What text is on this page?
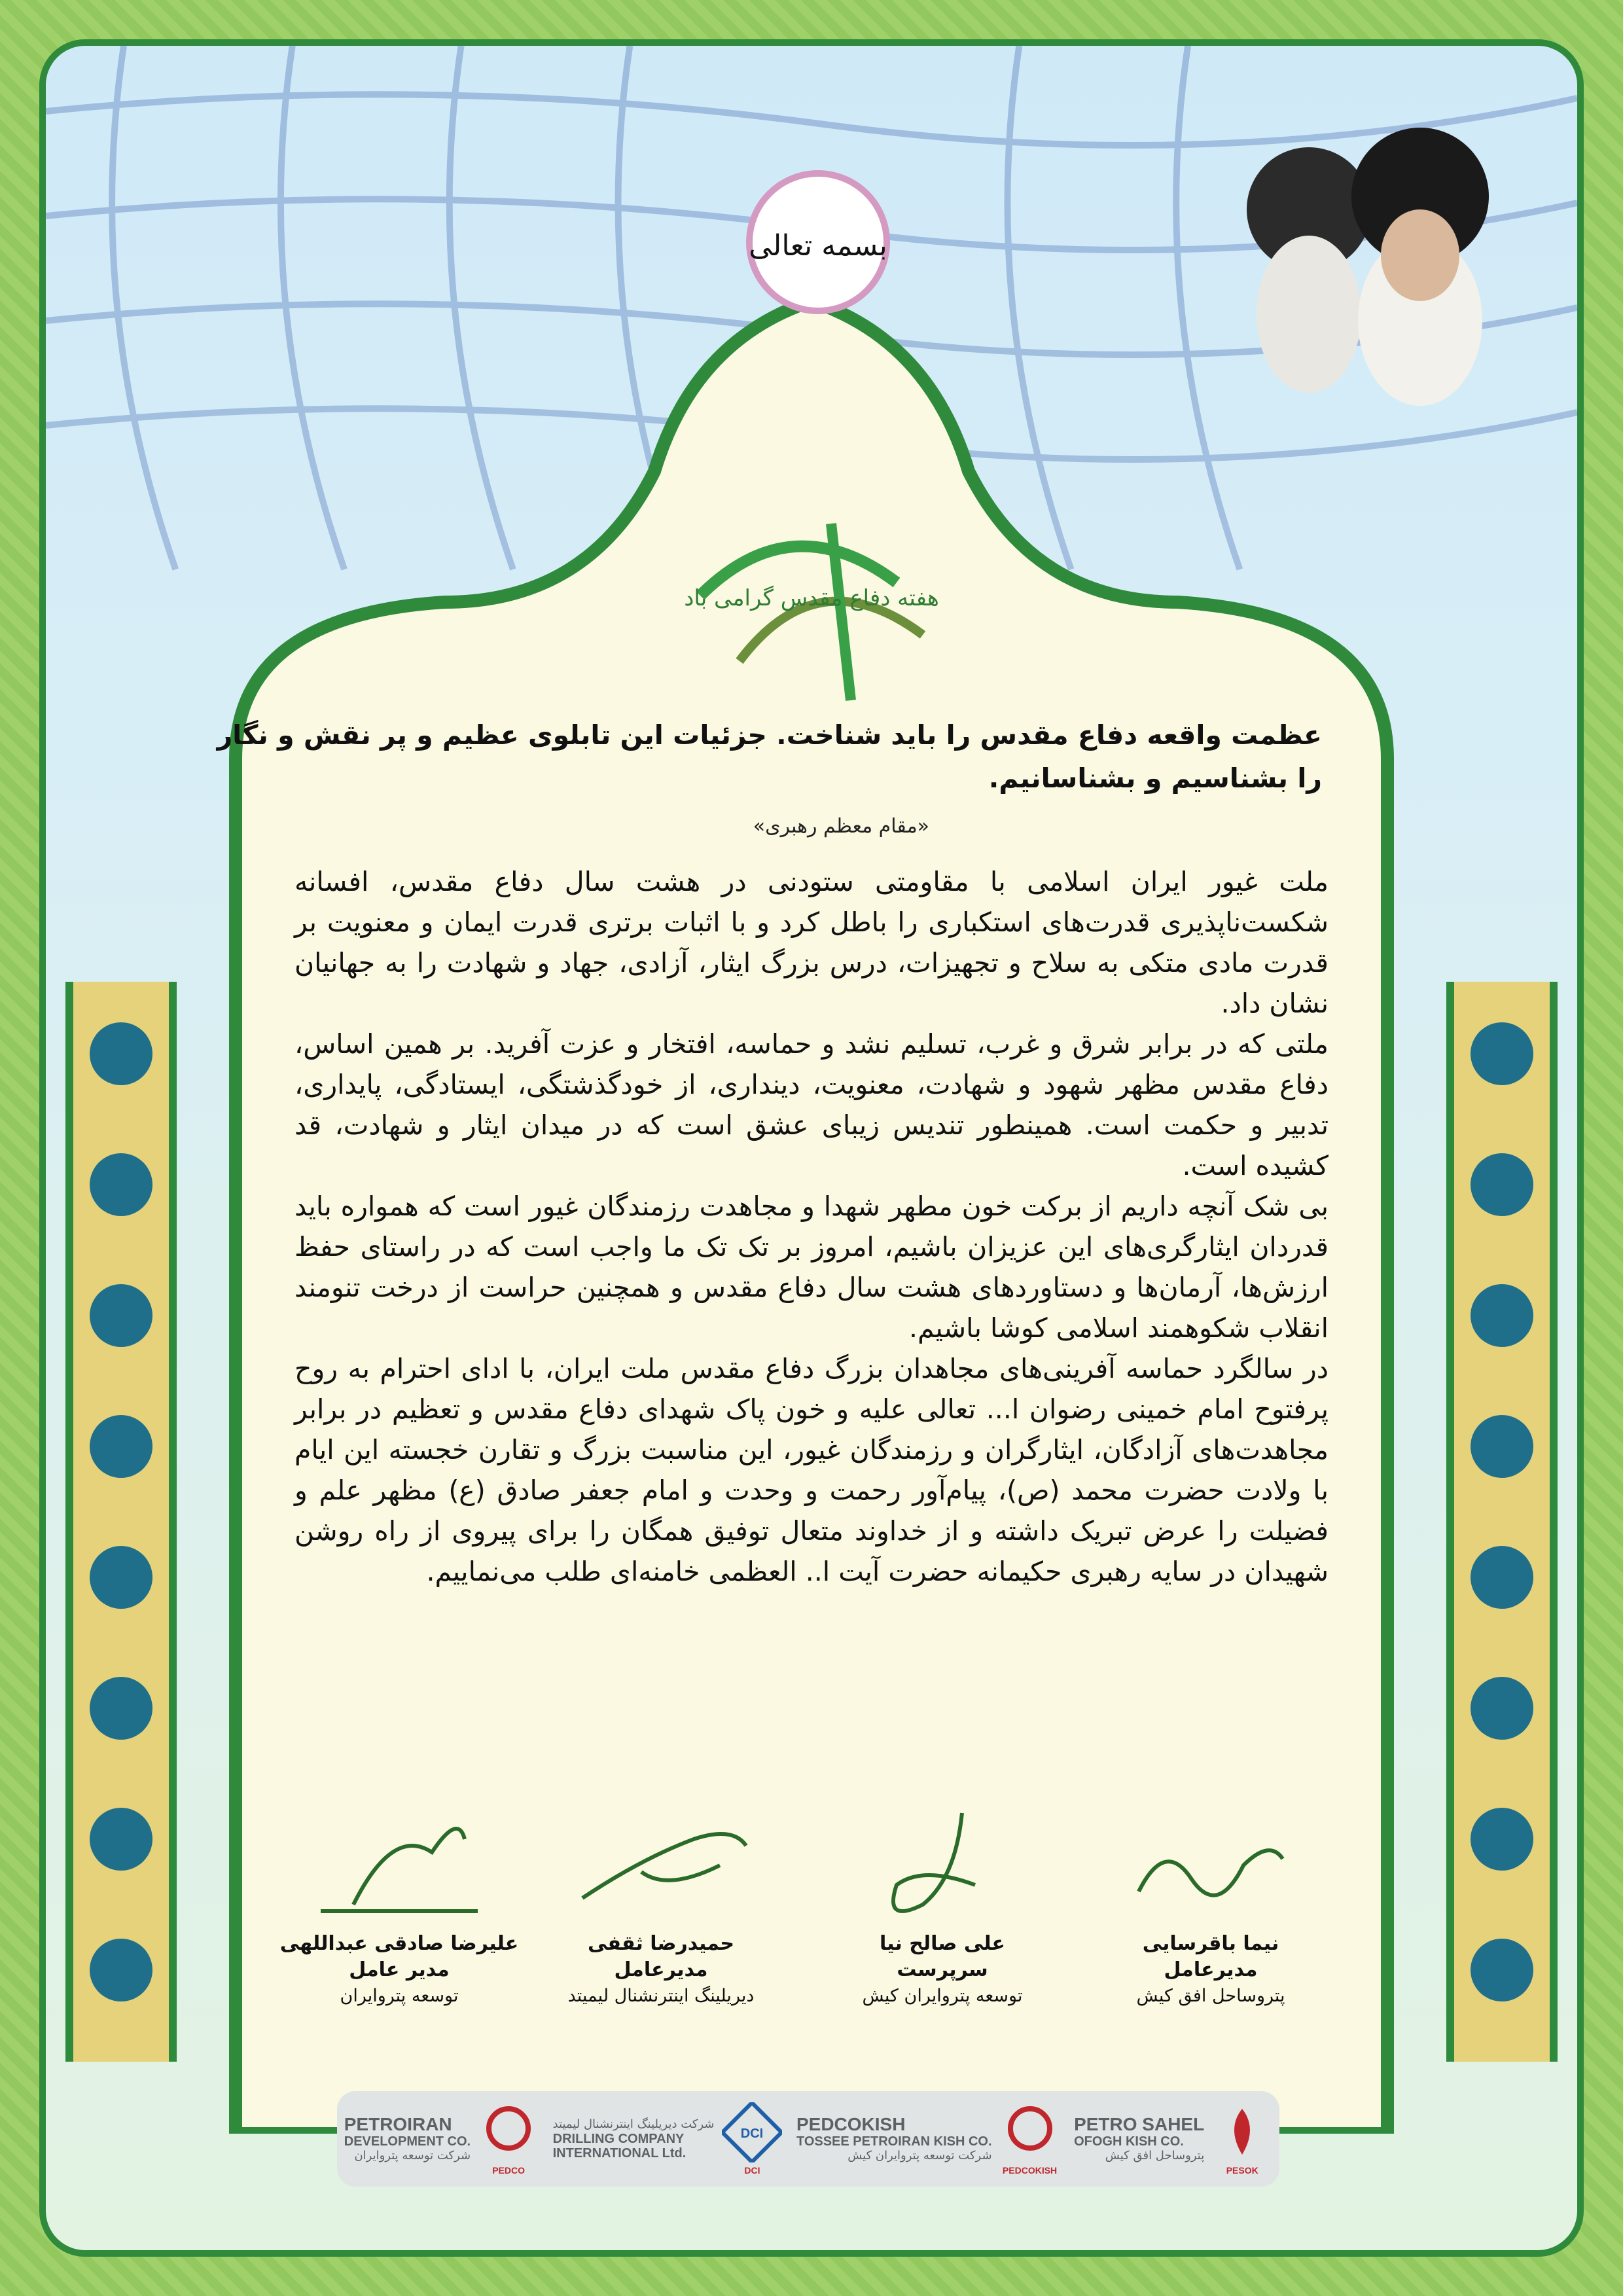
بسمه تعالی
هفته دفاع مقدس گرامی باد
عظمت واقعه دفاع مقدس را باید شناخت. جزئیات این تابلوی عظیم و پر نقش و نگار را بشناسیم و بشناسانیم.
«مقام معظم رهبری»

ملت غیور ایران اسلامی با مقاومتی ستودنی در هشت سال دفاع مقدس، افسانه شکست‌ناپذیری قدرت‌های استکباری را باطل کرد و با اثبات برتری قدرت ایمان و معنویت بر قدرت مادی متکی به سلاح و تجهیزات، درس بزرگ ایثار، آزادی، جهاد و شهادت را به جهانیان نشان داد.

ملتی که در برابر شرق و غرب، تسلیم نشد و حماسه، افتخار و عزت آفرید. بر همین اساس، دفاع مقدس مظهر شهود و شهادت، معنویت، دینداری، از خودگذشتگی، ایستادگی، پایداری، تدبیر و حکمت است. همینطور تندیس زیبای عشق است که در میدان ایثار و شهادت، قد کشیده است.

بی شک آنچه داریم از برکت خون مطهر شهدا و مجاهدت رزمندگان غیور است که همواره باید قدردان ایثارگری‌های این عزیزان باشیم، امروز بر تک تک ما واجب است که در راستای حفظ ارزش‌ها، آرمان‌ها و دستاوردهای هشت سال دفاع مقدس و همچنین حراست از درخت تنومند انقلاب شکوهمند اسلامی کوشا باشیم.

در سالگرد حماسه آفرینی‌های مجاهدان بزرگ دفاع مقدس ملت ایران، با ادای احترام به روح پرفتوح امام خمینی رضوان ا... تعالی علیه و خون پاک شهدای دفاع مقدس و تعظیم در برابر مجاهدت‌های آزادگان، ایثارگران و رزمندگان غیور، این مناسبت بزرگ و تقارن خجسته این ایام با ولادت حضرت محمد (ص)، پیام‌آور رحمت و وحدت و امام جعفر صادق (ع) مظهر علم و فضیلت را عرض تبریک داشته و از خداوند متعال توفیق همگان را برای پیروی از راه روشن شهیدان در سایه رهبری حکیمانه حضرت آیت ا.. العظمی خامنه‌ای طلب می‌نماییم.

نیما باقرسایی
مدیرعامل
پتروساحل افق کیش
علی صالح نیا
سرپرست
توسعه پتروایران کیش
حمیدرضا ثقفی
مدیرعامل
دیریلینگ اینترنشنال لیمیتد
علیرضا صادقی عبداللهی
مدیر عامل
توسعه پتروایران
PETROIRAN
DEVELOPMENT CO.
شرکت توسعه پتروایران
PEDCO
شرکت دیریلینگ اینترنشنال لیمیتد
DRILLING COMPANY
INTERNATIONAL Ltd.
DCI
DCI
PEDCOKISH
TOSSEE PETROIRAN KISH CO.
شرکت توسعه پتروایران کیش
PEDCOKISH
PETRO SAHEL
OFOGH KISH CO.
پتروساحل افق کیش
PESOK
